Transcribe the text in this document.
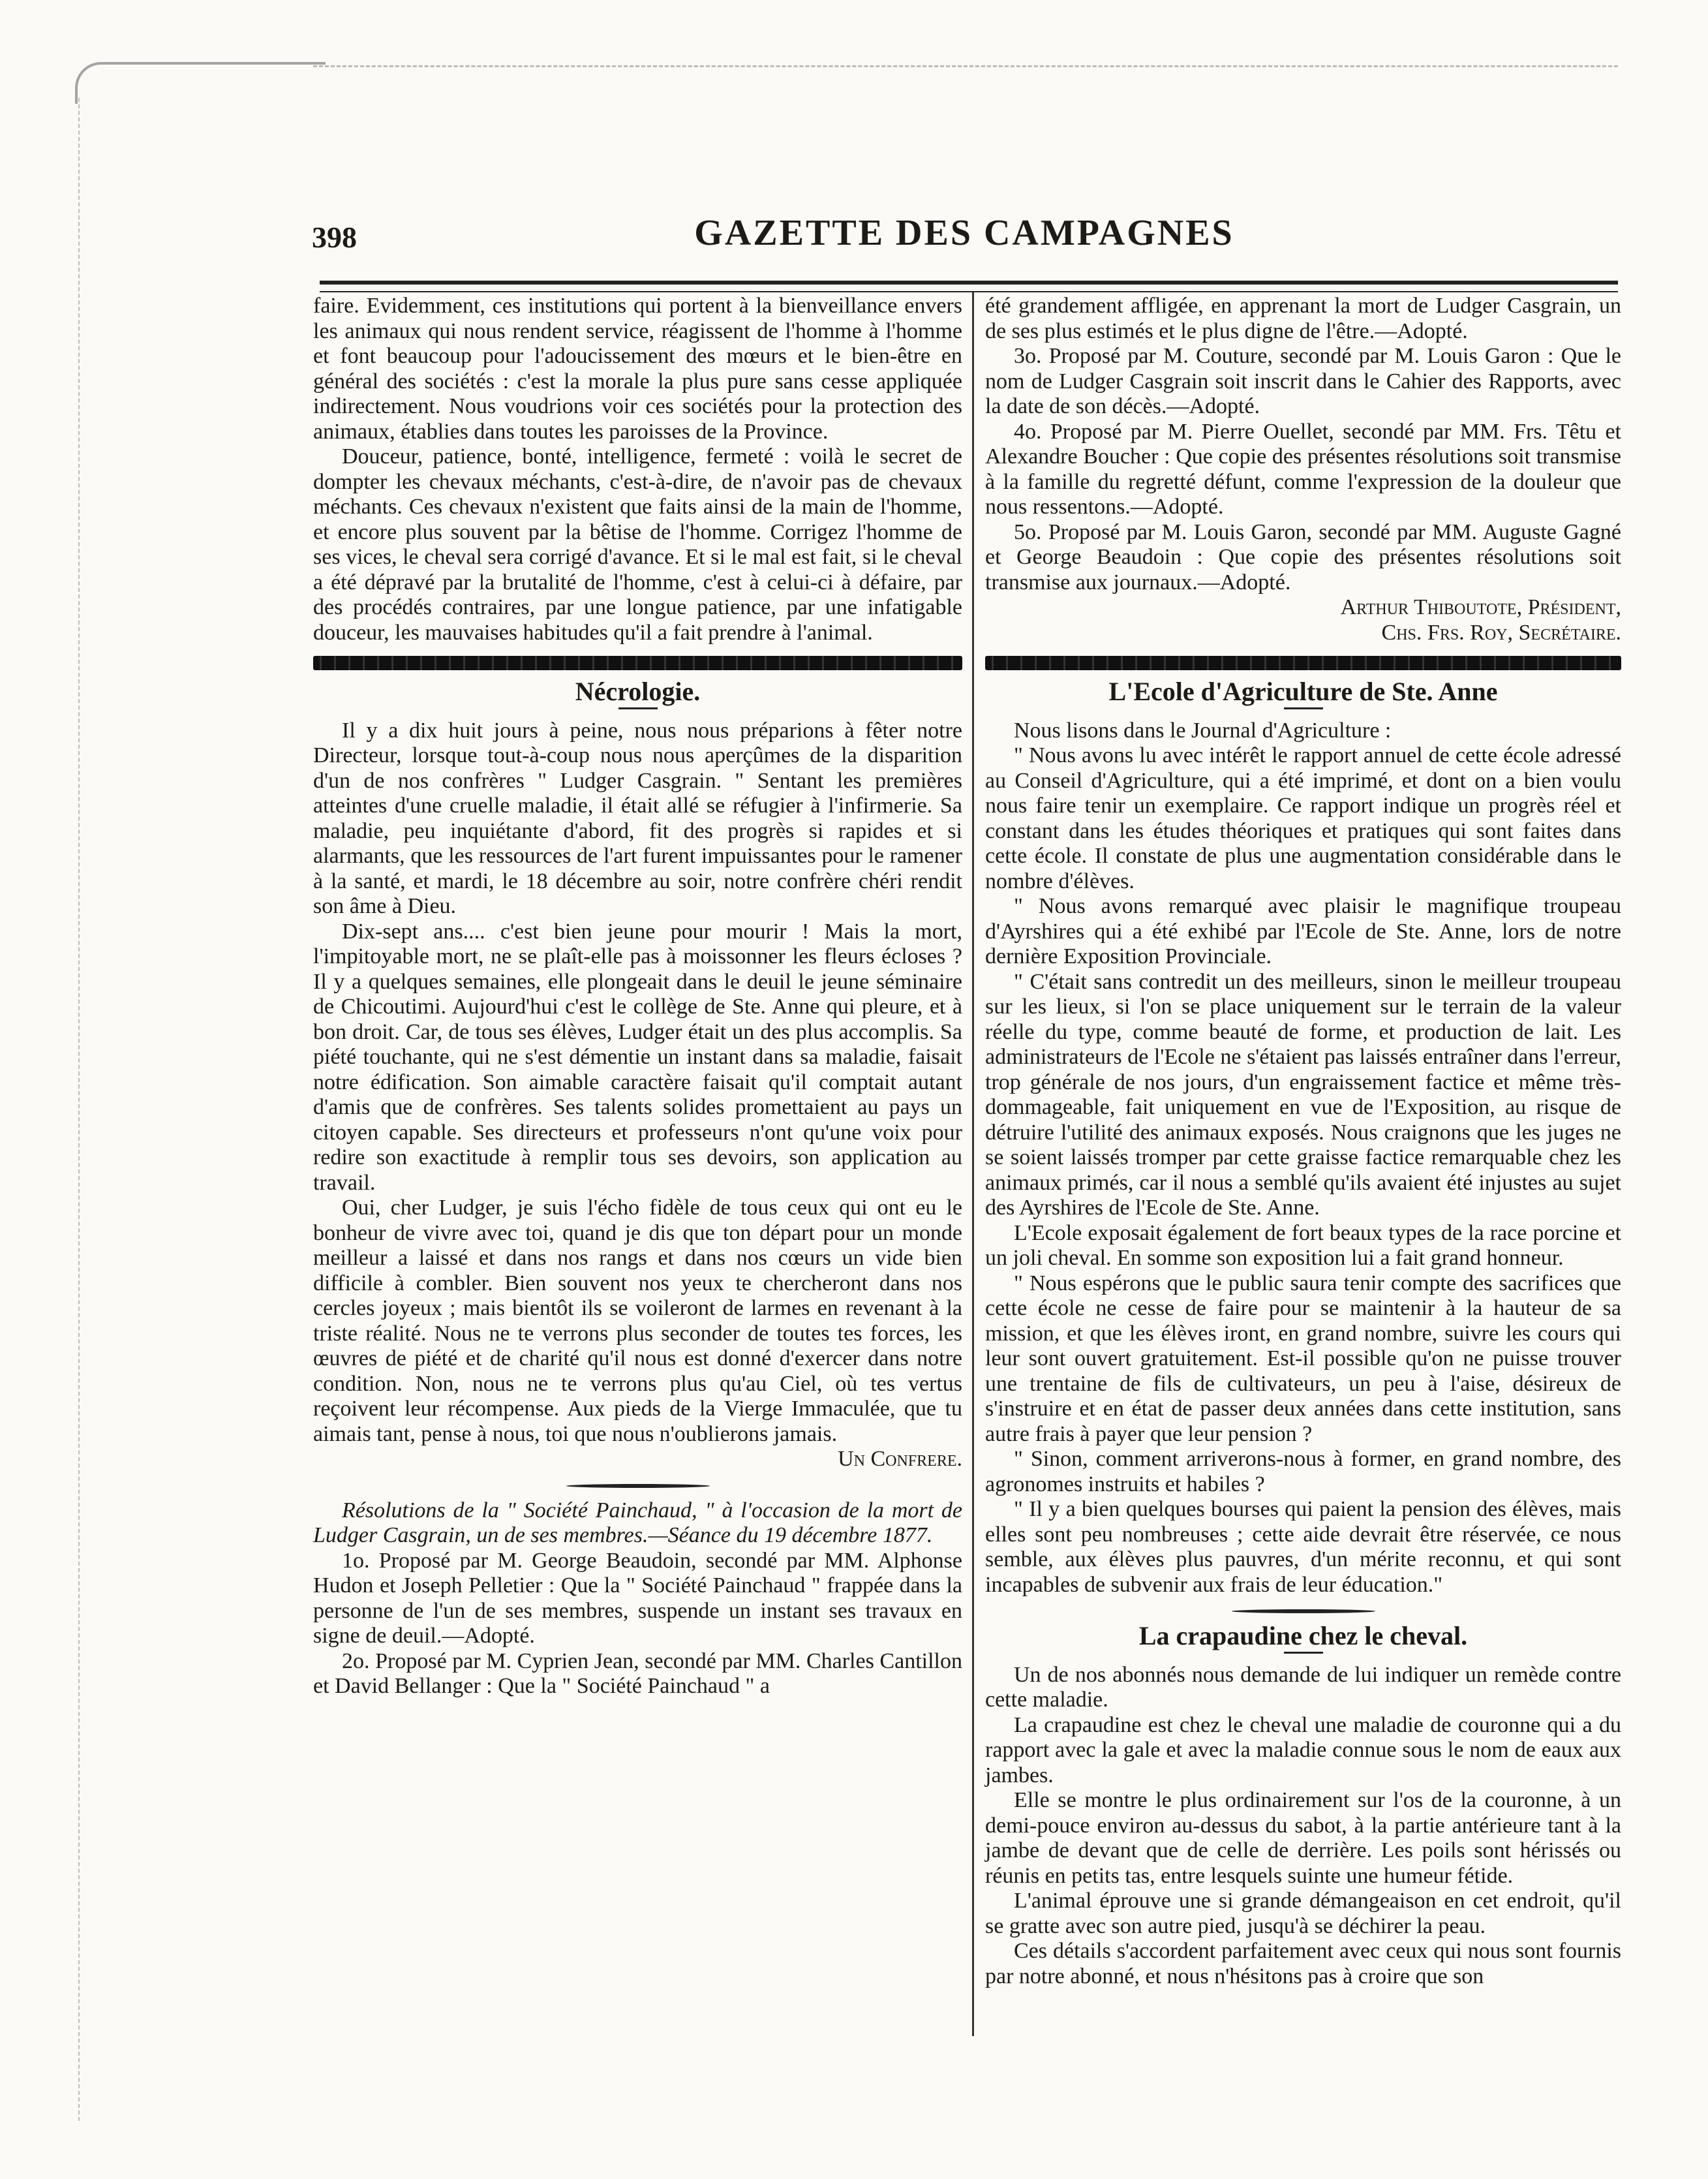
398	GAZETTE DES CAMPAGNES

faire. Evidemment, ces institutions qui portent à la bienveillance envers les animaux qui nous rendent service, réagissent de l'homme à l'homme et font beaucoup pour l'adoucissement des mœurs et le bien-être en général des sociétés : c'est la morale la plus pure sans cesse appliquée indirectement. Nous voudrions voir ces sociétés pour la protection des animaux, établies dans toutes les paroisses de la Province.

Douceur, patience, bonté, intelligence, fermeté : voilà le secret de dompter les chevaux méchants, c'est-à-dire, de n'avoir pas de chevaux méchants. Ces chevaux n'existent que faits ainsi de la main de l'homme, et encore plus souvent par la bêtise de l'homme. Corrigez l'homme de ses vices, le cheval sera corrigé d'avance. Et si le mal est fait, si le cheval a été dépravé par la brutalité de l'homme, c'est à celui-ci à défaire, par des procédés contraires, par une longue patience, par une infatigable douceur, les mauvaises habitudes qu'il a fait prendre à l'animal.

Nécrologie.

Il y a dix huit jours à peine, nous nous préparions à fêter notre Directeur, lorsque tout-à-coup nous nous aperçûmes de la disparition d'un de nos confrères " Ludger Casgrain. " Sentant les premières atteintes d'une cruelle maladie, il était allé se réfugier à l'infirmerie. Sa maladie, peu inquiétante d'abord, fit des progrès si rapides et si alarmants, que les ressources de l'art furent impuissantes pour le ramener à la santé, et mardi, le 18 décembre au soir, notre confrère chéri rendit son âme à Dieu.

Dix-sept ans.... c'est bien jeune pour mourir ! Mais la mort, l'impitoyable mort, ne se plaît-elle pas à moissonner les fleurs écloses ? Il y a quelques semaines, elle plongeait dans le deuil le jeune séminaire de Chicoutimi. Aujourd'hui c'est le collège de Ste. Anne qui pleure, et à bon droit. Car, de tous ses élèves, Ludger était un des plus accomplis. Sa piété touchante, qui ne s'est démentie un instant dans sa maladie, faisait notre édification. Son aimable caractère faisait qu'il comptait autant d'amis que de confrères. Ses talents solides promettaient au pays un citoyen capable. Ses directeurs et professeurs n'ont qu'une voix pour redire son exactitude à remplir tous ses devoirs, son application au travail.

Oui, cher Ludger, je suis l'écho fidèle de tous ceux qui ont eu le bonheur de vivre avec toi, quand je dis que ton départ pour un monde meilleur a laissé et dans nos rangs et dans nos cœurs un vide bien difficile à combler. Bien souvent nos yeux te chercheront dans nos cercles joyeux ; mais bientôt ils se voileront de larmes en revenant à la triste réalité. Nous ne te verrons plus seconder de toutes tes forces, les œuvres de piété et de charité qu'il nous est donné d'exercer dans notre condition. Non, nous ne te verrons plus qu'au Ciel, où tes vertus reçoivent leur récompense. Aux pieds de la Vierge Immaculée, que tu aimais tant, pense à nous, toi que nous n'oublierons jamais.

Un Confrere.

Résolutions de la " Société Painchaud, " à l'occasion de la mort de Ludger Casgrain, un de ses membres.—Séance du 19 décembre 1877.

1o. Proposé par M. George Beaudoin, secondé par MM. Alphonse Hudon et Joseph Pelletier : Que la " Société Painchaud " frappée dans la personne de l'un de ses membres, suspende un instant ses travaux en signe de deuil.—Adopté.

2o. Proposé par M. Cyprien Jean, secondé par MM. Charles Cantillon et David Bellanger : Que la " Société Painchaud " a

été grandement affligée, en apprenant la mort de Ludger Casgrain, un de ses plus estimés et le plus digne de l'être.—Adopté.

3o. Proposé par M. Couture, secondé par M. Louis Garon : Que le nom de Ludger Casgrain soit inscrit dans le Cahier des Rapports, avec la date de son décès.—Adopté.

4o. Proposé par M. Pierre Ouellet, secondé par MM. Frs. Têtu et Alexandre Boucher : Que copie des présentes résolutions soit transmise à la famille du regretté défunt, comme l'expression de la douleur que nous ressentons.—Adopté.

5o. Proposé par M. Louis Garon, secondé par MM. Auguste Gagné et George Beaudoin : Que copie des présentes résolutions soit transmise aux journaux.—Adopté.

Arthur Thiboutote, Président,

Chs. Frs. Roy, Secrétaire.

L'Ecole d'Agriculture de Ste. Anne

Nous lisons dans le Journal d'Agriculture :

" Nous avons lu avec intérêt le rapport annuel de cette école adressé au Conseil d'Agriculture, qui a été imprimé, et dont on a bien voulu nous faire tenir un exemplaire. Ce rapport indique un progrès réel et constant dans les études théoriques et pratiques qui sont faites dans cette école. Il constate de plus une augmentation considérable dans le nombre d'élèves.

" Nous avons remarqué avec plaisir le magnifique troupeau d'Ayrshires qui a été exhibé par l'Ecole de Ste. Anne, lors de notre dernière Exposition Provinciale.

" C'était sans contredit un des meilleurs, sinon le meilleur troupeau sur les lieux, si l'on se place uniquement sur le terrain de la valeur réelle du type, comme beauté de forme, et production de lait. Les administrateurs de l'Ecole ne s'étaient pas laissés entraîner dans l'erreur, trop générale de nos jours, d'un engraissement factice et même très-dommageable, fait uniquement en vue de l'Exposition, au risque de détruire l'utilité des animaux exposés. Nous craignons que les juges ne se soient laissés tromper par cette graisse factice remarquable chez les animaux primés, car il nous a semblé qu'ils avaient été injustes au sujet des Ayrshires de l'Ecole de Ste. Anne.

L'Ecole exposait également de fort beaux types de la race porcine et un joli cheval. En somme son exposition lui a fait grand honneur.

" Nous espérons que le public saura tenir compte des sacrifices que cette école ne cesse de faire pour se maintenir à la hauteur de sa mission, et que les élèves iront, en grand nombre, suivre les cours qui leur sont ouvert gratuitement. Est-il possible qu'on ne puisse trouver une trentaine de fils de cultivateurs, un peu à l'aise, désireux de s'instruire et en état de passer deux années dans cette institution, sans autre frais à payer que leur pension ?

" Sinon, comment arriverons-nous à former, en grand nombre, des agronomes instruits et habiles ?

" Il y a bien quelques bourses qui paient la pension des élèves, mais elles sont peu nombreuses ; cette aide devrait être réservée, ce nous semble, aux élèves plus pauvres, d'un mérite reconnu, et qui sont incapables de subvenir aux frais de leur éducation."

La crapaudine chez le cheval.

Un de nos abonnés nous demande de lui indiquer un remède contre cette maladie.

La crapaudine est chez le cheval une maladie de couronne qui a du rapport avec la gale et avec la maladie connue sous le nom de eaux aux jambes.

Elle se montre le plus ordinairement sur l'os de la couronne, à un demi-pouce environ au-dessus du sabot, à la partie antérieure tant à la jambe de devant que de celle de derrière. Les poils sont hérissés ou réunis en petits tas, entre lesquels suinte une humeur fétide.

L'animal éprouve une si grande démangeaison en cet endroit, qu'il se gratte avec son autre pied, jusqu'à se déchirer la peau.

Ces détails s'accordent parfaitement avec ceux qui nous sont fournis par notre abonné, et nous n'hésitons pas à croire que son
